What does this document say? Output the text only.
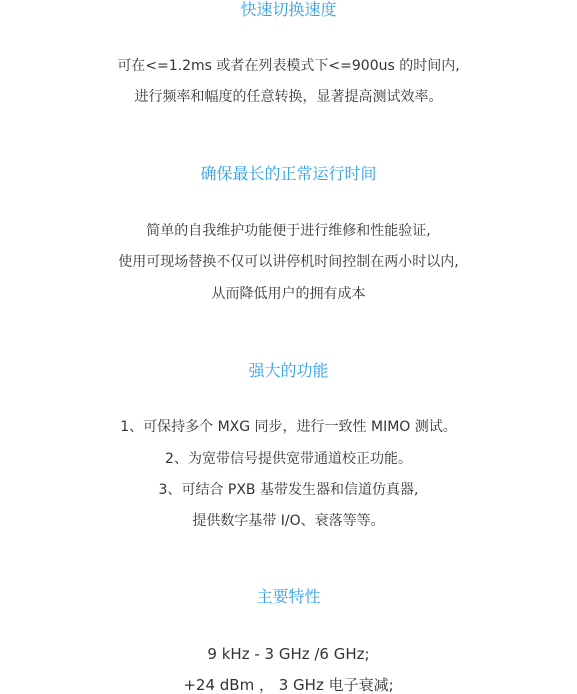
快速切换速度
可在<=1.2ms 或者在列表模式下<=900us 的时间内,
进行频率和幅度的任意转换，显著提高测试效率。
确保最长的正常运行时间
简单的自我维护功能便于进行维修和性能验证,
使用可现场替换不仅可以讲停机时间控制在两小时以内,
从而降低用户的拥有成本
强大的功能
1、可保持多个 MXG 同步，进行一致性 MIMO 测试。
2、为宽带信号提供宽带通道校正功能。
3、可结合 PXB 基带发生器和信道仿真器,
提供数字基带 I/O、衰落等等。
主要特性
9 kHz - 3 GHz /6 GHz;
+24 dBm ， 3 GHz 电子衰减;
